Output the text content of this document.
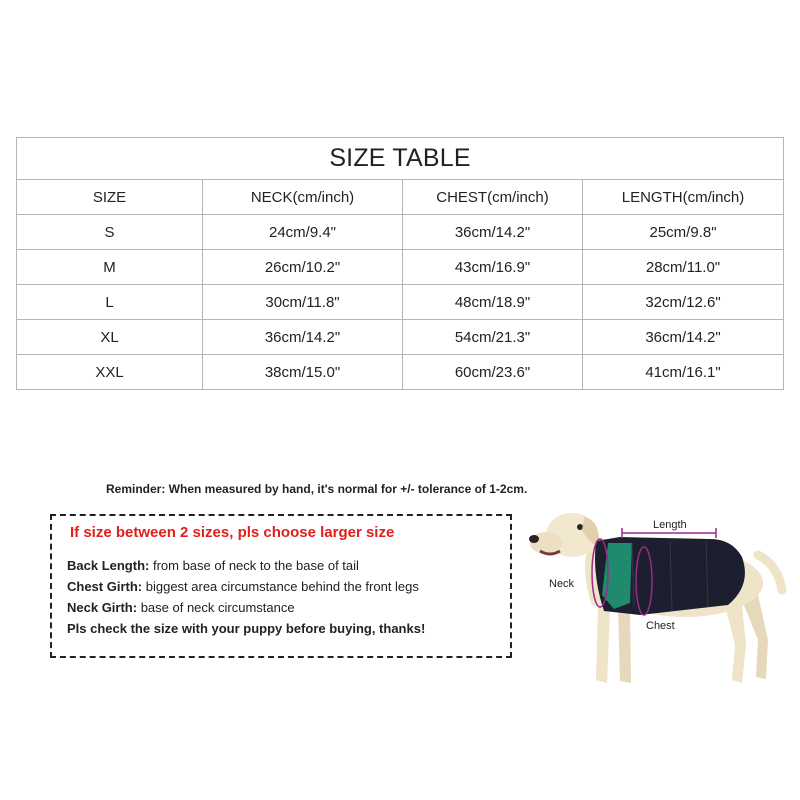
SIZE TABLE			
SIZE	NECK(cm/inch)	CHEST(cm/inch)	LENGTH(cm/inch)
S	24cm/9.4"	36cm/14.2"	25cm/9.8"
M	26cm/10.2"	43cm/16.9"	28cm/11.0"
L	30cm/11.8"	48cm/18.9"	32cm/12.6"
XL	36cm/14.2"	54cm/21.3"	36cm/14.2"
XXL	38cm/15.0"	60cm/23.6"	41cm/16.1"
Reminder: When measured by hand, it's normal for +/- tolerance of 1-2cm.
If size between 2 sizes, pls choose larger size
Back Length: from base of neck to the base of tail
Chest Girth: biggest area circumstance behind the front legs
Neck Girth: base of neck circumstance
Pls check the size with your puppy before buying, thanks!
Length
Neck
Chest
